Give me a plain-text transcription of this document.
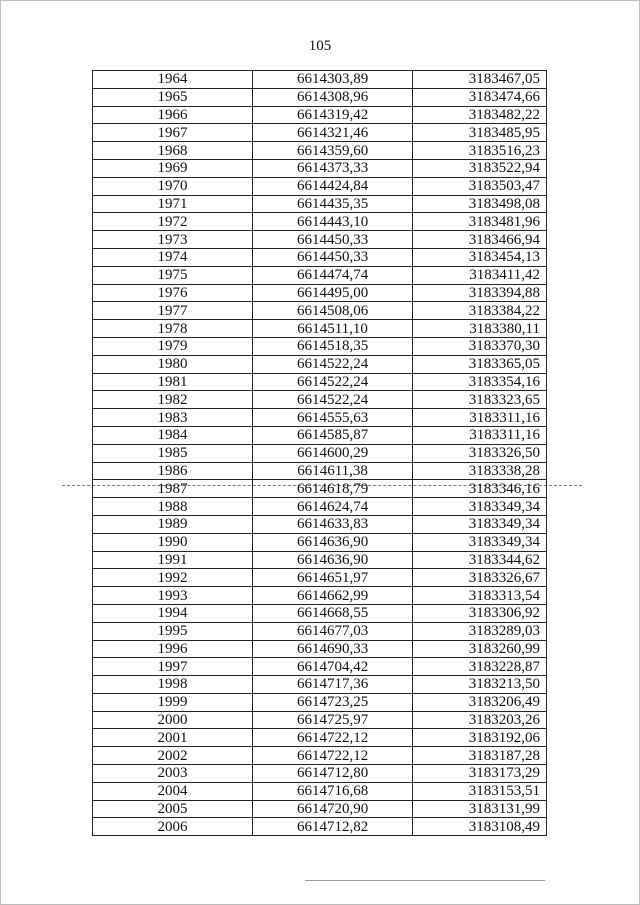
105
1964	6614303,89	3183467,05
1965	6614308,96	3183474,66
1966	6614319,42	3183482,22
1967	6614321,46	3183485,95
1968	6614359,60	3183516,23
1969	6614373,33	3183522,94
1970	6614424,84	3183503,47
1971	6614435,35	3183498,08
1972	6614443,10	3183481,96
1973	6614450,33	3183466,94
1974	6614450,33	3183454,13
1975	6614474,74	3183411,42
1976	6614495,00	3183394,88
1977	6614508,06	3183384,22
1978	6614511,10	3183380,11
1979	6614518,35	3183370,30
1980	6614522,24	3183365,05
1981	6614522,24	3183354,16
1982	6614522,24	3183323,65
1983	6614555,63	3183311,16
1984	6614585,87	3183311,16
1985	6614600,29	3183326,50
1986	6614611,38	3183338,28
1987	6614618,79	3183346,16
1988	6614624,74	3183349,34
1989	6614633,83	3183349,34
1990	6614636,90	3183349,34
1991	6614636,90	3183344,62
1992	6614651,97	3183326,67
1993	6614662,99	3183313,54
1994	6614668,55	3183306,92
1995	6614677,03	3183289,03
1996	6614690,33	3183260,99
1997	6614704,42	3183228,87
1998	6614717,36	3183213,50
1999	6614723,25	3183206,49
2000	6614725,97	3183203,26
2001	6614722,12	3183192,06
2002	6614722,12	3183187,28
2003	6614712,80	3183173,29
2004	6614716,68	3183153,51
2005	6614720,90	3183131,99
2006	6614712,82	3183108,49
